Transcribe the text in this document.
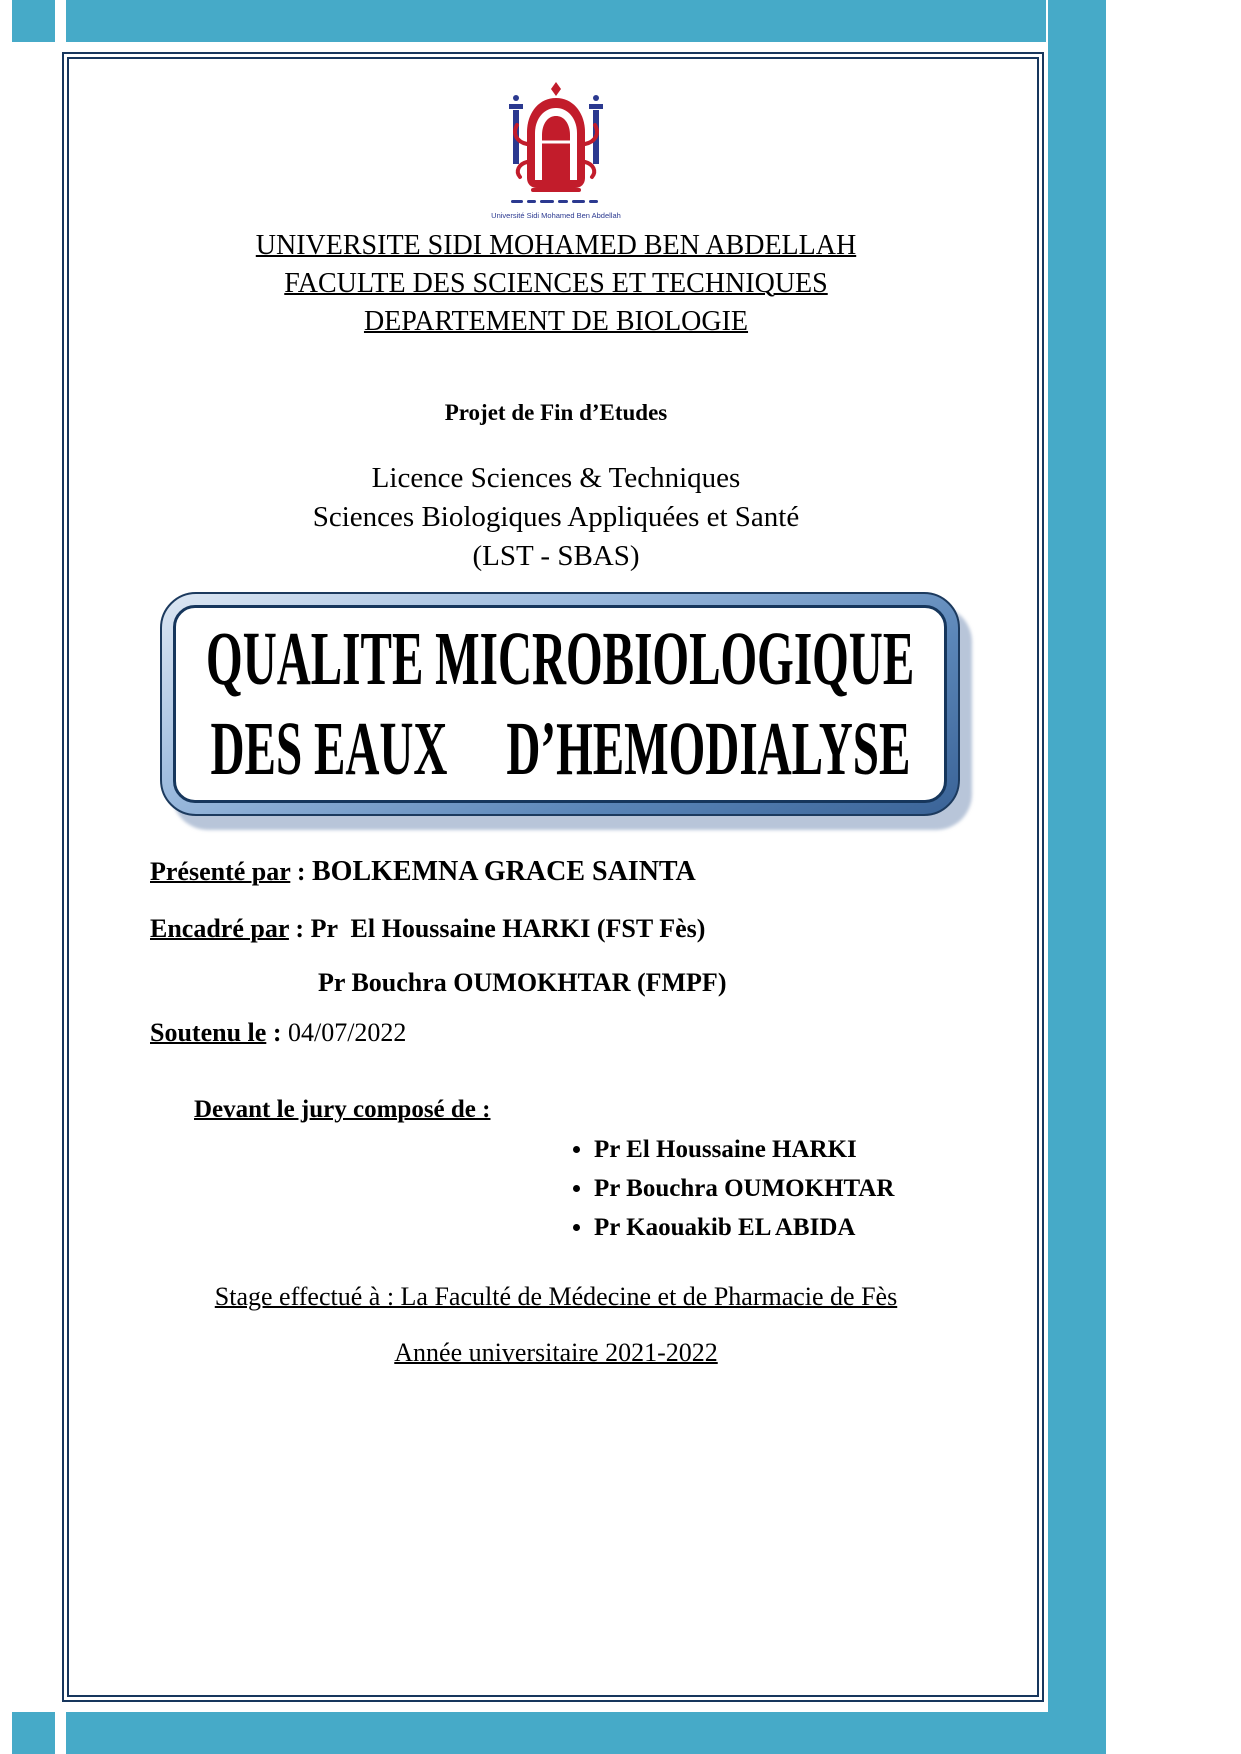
Université Sidi Mohamed Ben Abdellah
UNIVERSITE SIDI MOHAMED BEN ABDELLAH
FACULTE DES SCIENCES ET TECHNIQUES
DEPARTEMENT DE BIOLOGIE
Projet de Fin d’Etudes
Licence Sciences & Techniques
Sciences Biologiques Appliquées et Santé
(LST - SBAS)
QUALITE MICROBIOLOGIQUE
DES EAUX     D’HEMODIALYSE
Présenté par : BOLKEMNA GRACE SAINTA
Encadré par : Pr  El Houssaine HARKI (FST Fès)
Pr Bouchra OUMOKHTAR (FMPF)
Soutenu le : 04/07/2022
Devant le jury composé de :
• Pr El Houssaine HARKI
• Pr Bouchra OUMOKHTAR
• Pr Kaouakib EL ABIDA
Stage effectué à : La Faculté de Médecine et de Pharmacie de Fès
Année universitaire 2021-2022
